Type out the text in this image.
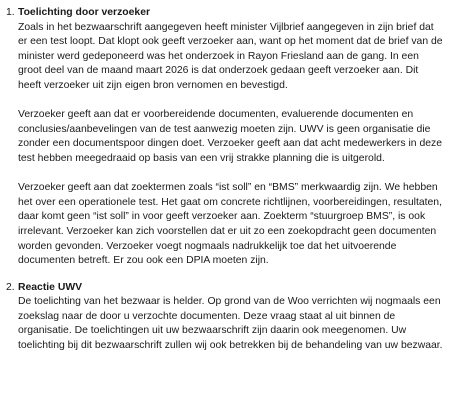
1. Toelichting door verzoeker

Zoals in het bezwaarschrift aangegeven heeft minister Vijlbrief aangegeven in zijn brief dat er een test loopt. Dat klopt ook geeft verzoeker aan, want op het moment dat de brief van de minister werd gedeponeerd was het onderzoek in Rayon Friesland aan de gang. In een groot deel van de maand maart 2026 is dat onderzoek gedaan geeft verzoeker aan. Dit heeft verzoeker uit zijn eigen bron vernomen en bevestigd.

Verzoeker geeft aan dat er voorbereidende documenten, evaluerende documenten en conclusies/aanbevelingen van de test aanwezig moeten zijn. UWV is geen organisatie die zonder een documentspoor dingen doet. Verzoeker geeft aan dat acht medewerkers in deze test hebben meegedraaid op basis van een vrij strakke planning die is uitgerold.

Verzoeker geeft aan dat zoektermen zoals “ist soll” en “BMS” merkwaardig zijn. We hebben het over een operationele test. Het gaat om concrete richtlijnen, voorbereidingen, resultaten, daar komt geen “ist soll” in voor geeft verzoeker aan. Zoekterm “stuurgroep BMS”, is ook irrelevant. Verzoeker kan zich voorstellen dat er uit zo een zoekopdracht geen documenten worden gevonden. Verzoeker voegt nogmaals nadrukkelijk toe dat het uitvoerende documenten betreft. Er zou ook een DPIA moeten zijn.

2. Reactie UWV

De toelichting van het bezwaar is helder. Op grond van de Woo verrichten wij nogmaals een zoekslag naar de door u verzochte documenten. Deze vraag staat al uit binnen de organisatie. De toelichtingen uit uw bezwaarschrift zijn daarin ook meegenomen. Uw toelichting bij dit bezwaarschrift zullen wij ook betrekken bij de behandeling van uw bezwaar.
